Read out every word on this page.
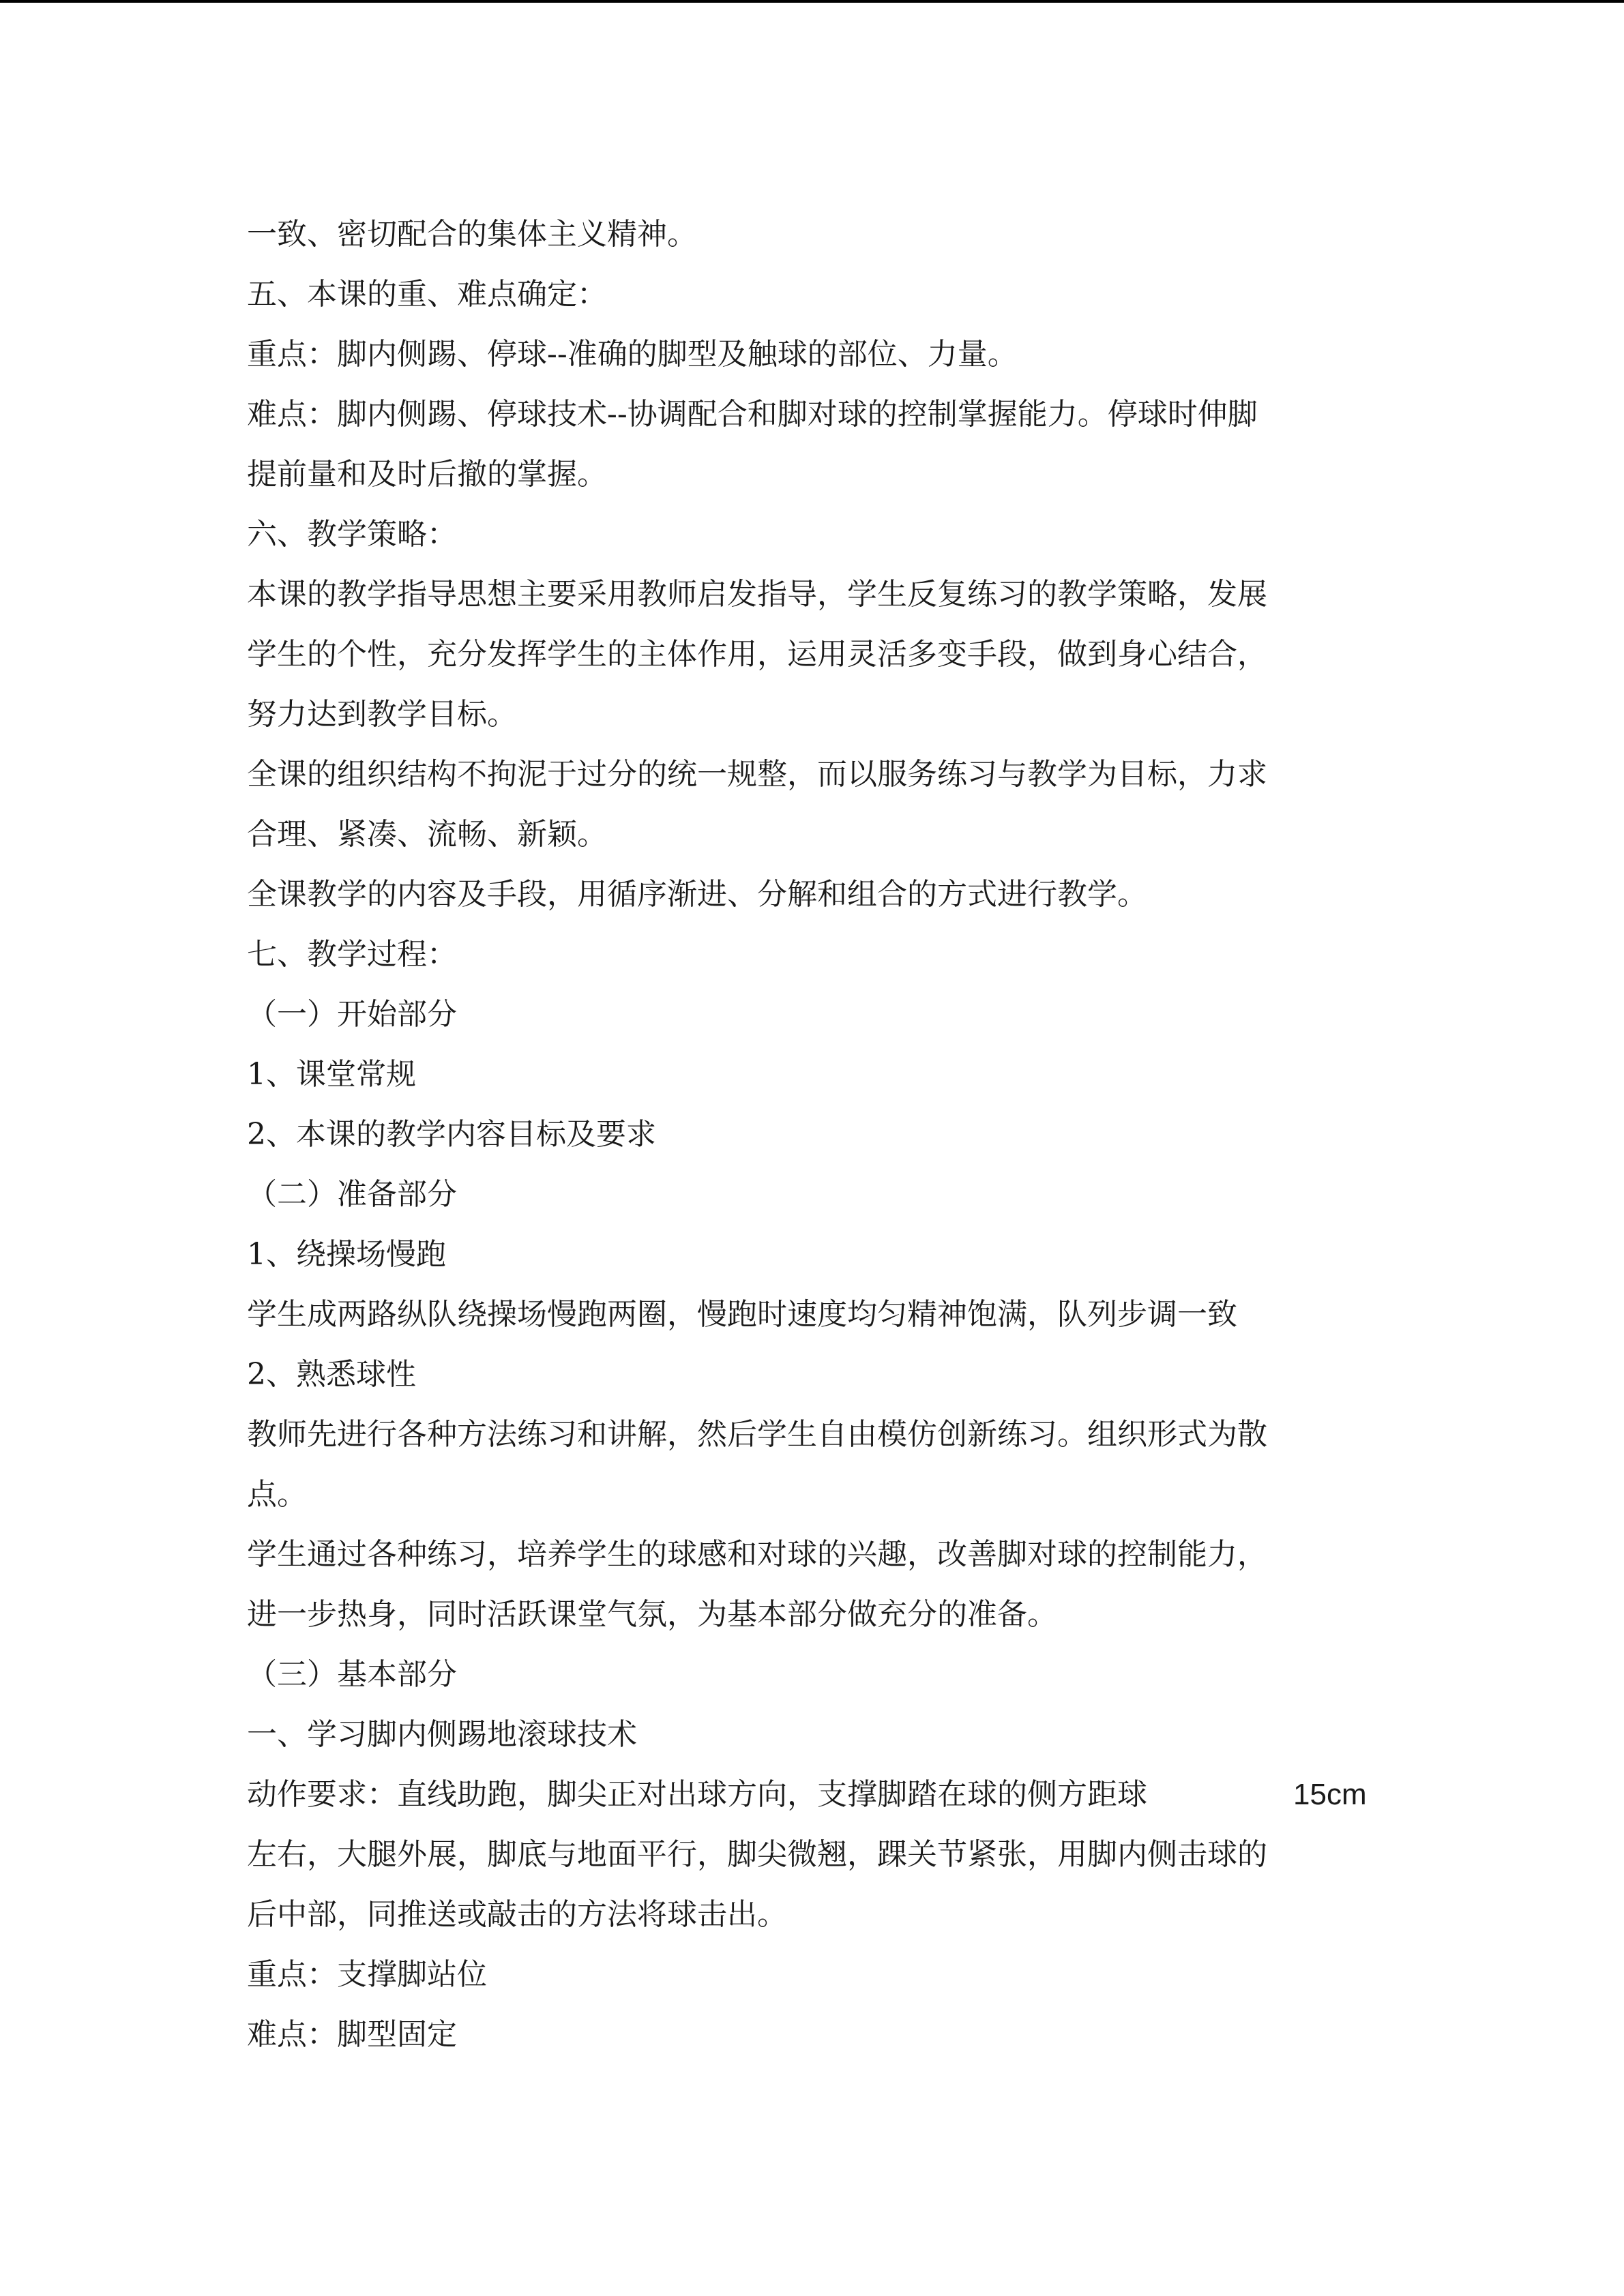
一致、密切配合的集体主义精神。

五、本课的重、难点确定：

重点：脚内侧踢、停球--准确的脚型及触球的部位、力量。

难点：脚内侧踢、停球技术--协调配合和脚对球的控制掌握能力。停球时伸脚

提前量和及时后撤的掌握。

六、教学策略：

本课的教学指导思想主要采用教师启发指导，学生反复练习的教学策略，发展

学生的个性，充分发挥学生的主体作用，运用灵活多变手段，做到身心结合，

努力达到教学目标。

全课的组织结构不拘泥于过分的统一规整，而以服务练习与教学为目标，力求

合理、紧凑、流畅、新颖。

全课教学的内容及手段，用循序渐进、分解和组合的方式进行教学。

七、教学过程：

（一）开始部分

1、课堂常规

2、本课的教学内容目标及要求

（二）准备部分

1、绕操场慢跑

学生成两路纵队绕操场慢跑两圈，慢跑时速度均匀精神饱满，队列步调一致

2、熟悉球性

教师先进行各种方法练习和讲解，然后学生自由模仿创新练习。组织形式为散

点。

学生通过各种练习，培养学生的球感和对球的兴趣，改善脚对球的控制能力，

进一步热身，同时活跃课堂气氛，为基本部分做充分的准备。

（三）基本部分

一、学习脚内侧踢地滚球技术

动作要求：直线助跑，脚尖正对出球方向，支撑脚踏在球的侧方距球	15cm

左右，大腿外展，脚底与地面平行，脚尖微翘，踝关节紧张，用脚内侧击球的

后中部，同推送或敲击的方法将球击出。

重点：支撑脚站位

难点：脚型固定
